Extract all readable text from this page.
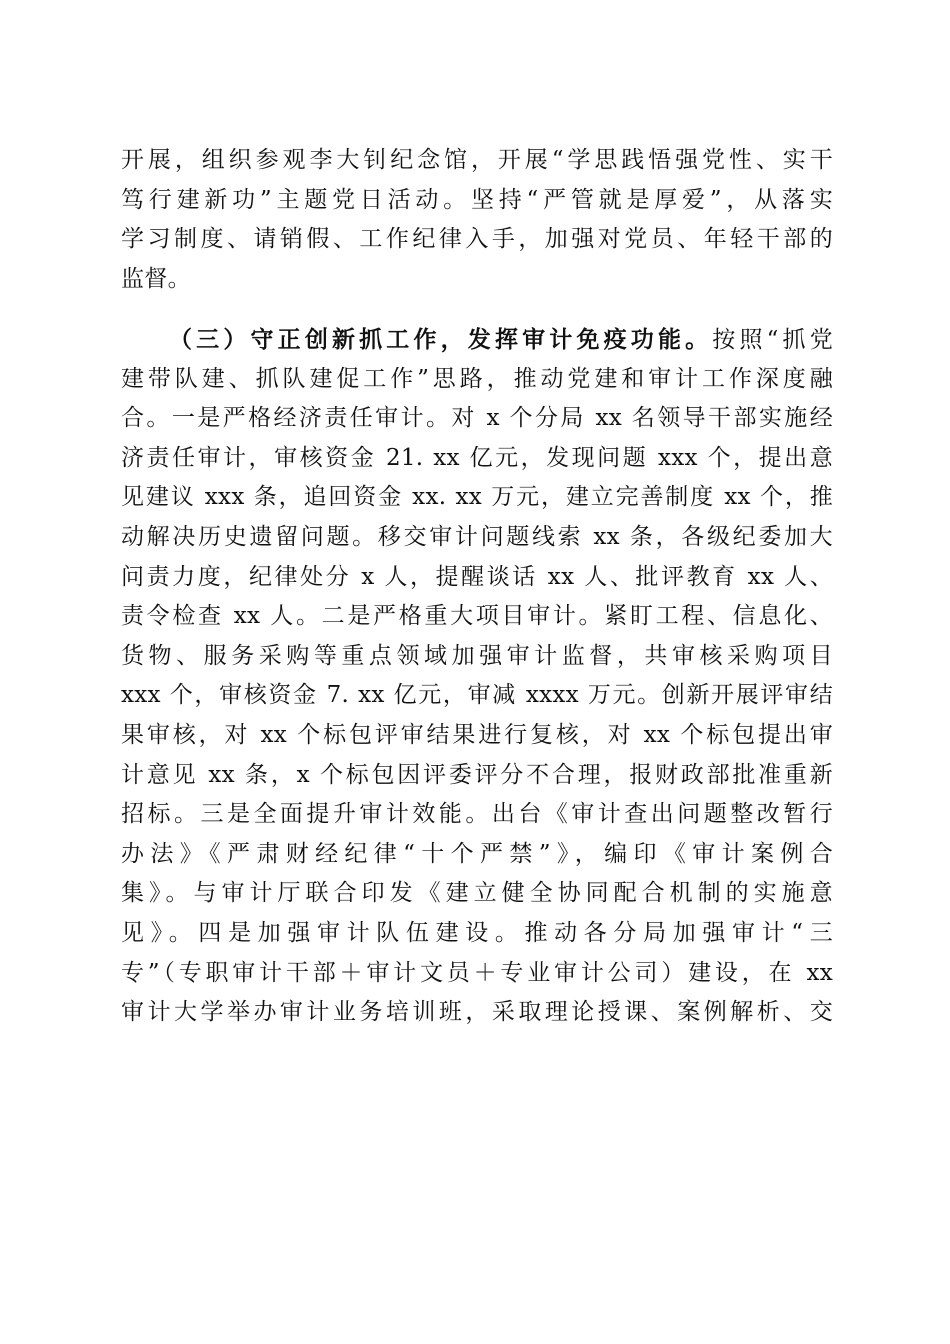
开展，组织参观李大钊纪念馆，开展“学思践悟强党性、实干
笃行建新功”主题党日活动。坚持“严管就是厚爱”，从落实
学习制度、请销假、工作纪律入手，加强对党员、年轻干部的
监督。
（三）守正创新抓工作，发挥审计免疫功能。按照“抓党
建带队建、抓队建促工作”思路，推动党建和审计工作深度融
合。一是严格经济责任审计。对 x 个分局 xx 名领导干部实施经
济责任审计，审核资金 21. xx 亿元，发现问题 xxx 个，提出意
见建议 xxx 条，追回资金 xx. xx 万元，建立完善制度 xx 个，推
动解决历史遗留问题。移交审计问题线索 xx 条，各级纪委加大
问责力度，纪律处分 x 人，提醒谈话 xx 人、批评教育 xx 人、
责令检查 xx 人。二是严格重大项目审计。紧盯工程、信息化、
货物、服务采购等重点领域加强审计监督，共审核采购项目
xxx 个，审核资金 7. xx 亿元，审减 xxxx 万元。创新开展评审结
果审核，对 xx 个标包评审结果进行复核，对 xx 个标包提出审
计意见 xx 条，x 个标包因评委评分不合理，报财政部批准重新
招标。三是全面提升审计效能。出台《审计查出问题整改暂行
办法》《严肃财经纪律“十个严禁”》，编印《审计案例合
集》。与审计厅联合印发《建立健全协同配合机制的实施意
见》。四是加强审计队伍建设。推动各分局加强审计“三
专”（专职审计干部＋审计文员＋专业审计公司）建设，在 xx
审计大学举办审计业务培训班，采取理论授课、案例解析、交
